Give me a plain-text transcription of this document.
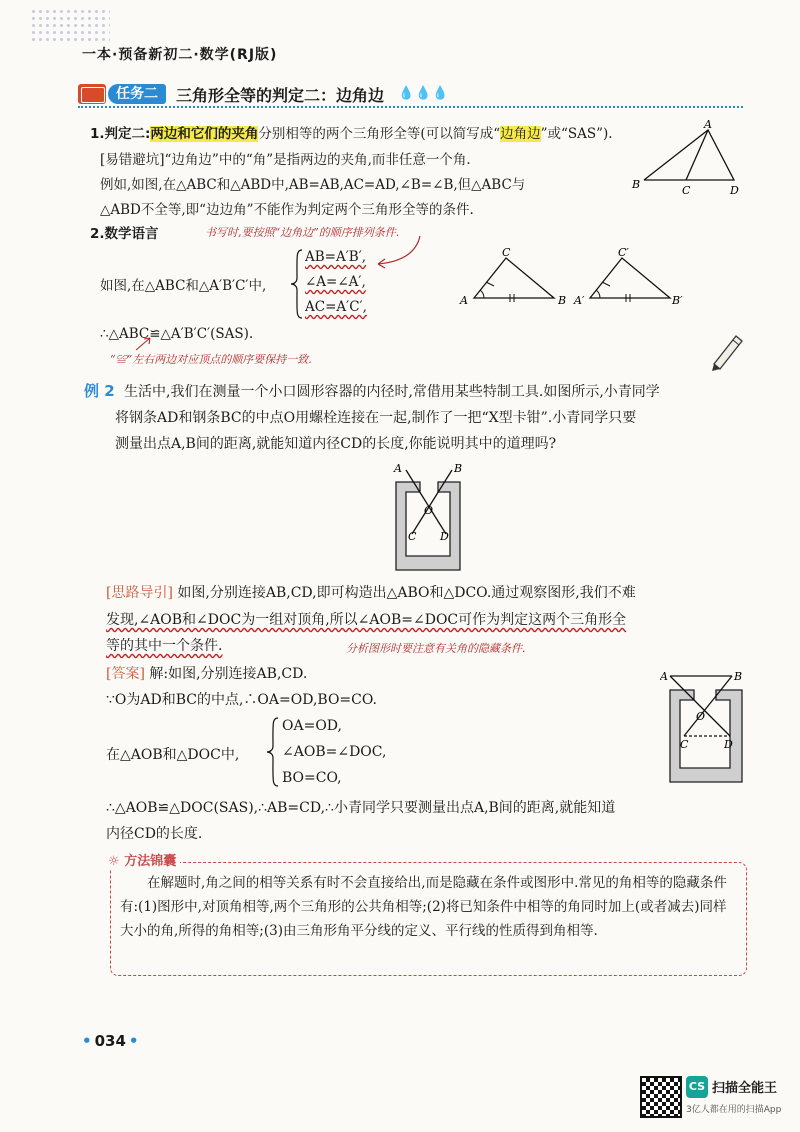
一本·预备新初二·数学(RJ版)
任务二	三角形全等的判定二：边角边 💧💧💧
1.判定二:两边和它们的夹角分别相等的两个三角形全等(可以简写成“边角边”或“SAS”).
[易错避坑]“边角边”中的“角”是指两边的夹角,而非任意一个角.
例如,如图,在△ABC和△ABD中,AB=AB,AC=AD,∠B=∠B,但△ABC与
△ABD不全等,即“边边角”不能作为判定两个三角形全等的条件.
A
B	C	D
2.数学语言	书写时,要按照“边角边”的顺序排列条件.
如图,在△ABC和△A′B′C′中,
AB=A′B′,
∠A=∠A′,
AC=A′C′,
∴△ABC≌△A′B′C′(SAS).
“≌”左右两边对应顶点的顺序要保持一致.
A
C
B A′
C′
B′
例 2 生活中,我们在测量一个小口圆形容器的内径时,常借用某些特制工具.如图所示,小青同学
将钢条AD和钢条BC的中点O用螺栓连接在一起,制作了一把“X型卡钳”.小青同学只要
测量出点A,B间的距离,就能知道内径CD的长度,你能说明其中的道理吗?
A	B
O
C D
[思路导引] 如图,分别连接AB,CD,即可构造出△ABO和△DCO.通过观察图形,我们不难
发现,∠AOB和∠DOC为一组对顶角,所以∠AOB=∠DOC可作为判定这两个三角形全
等的其中一个条件.	分析图形时要注意有关角的隐藏条件.
[答案] 解:如图,分别连接AB,CD.
∵O为AD和BC的中点,∴OA=OD,BO=CO.
在△AOB和△DOC中,
OA=OD,
∠AOB=∠DOC,
BO=CO,
∴△AOB≌△DOC(SAS),∴AB=CD,∴小青同学只要测量出点A,B间的距离,就能知道
内径CD的长度.
A	B
O
C	D
☼ 方法锦囊
在解题时,角之间的相等关系有时不会直接给出,而是隐藏在条件或图形中.常见的角相等的隐藏条件有:(1)图形中,对顶角相等,两个三角形的公共角相等;(2)将已知条件中相等的角同时加上(或者减去)同样大小的角,所得的角相等;(3)由三角形角平分线的定义、平行线的性质得到角相等.
• 034 •
CS 扫描全能王
3亿人都在用的扫描App
